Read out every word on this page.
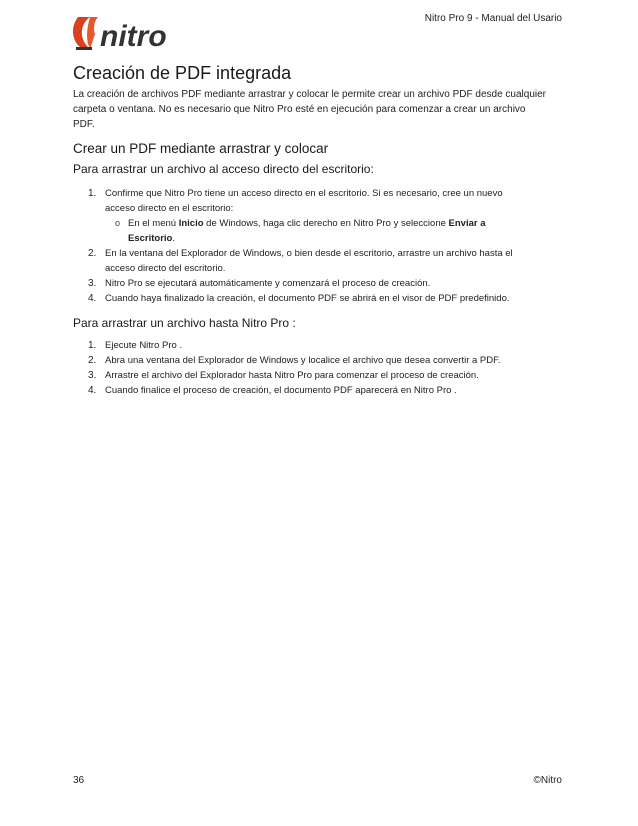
nitro
Nitro Pro 9 - Manual del Usario
Creación de PDF integrada
La creación de archivos PDF mediante arrastrar y colocar le permite crear un archivo PDF desde cualquier
carpeta o ventana. No es necesario que Nitro Pro esté en ejecución para comenzar a crear un archivo
PDF.
Crear un PDF mediante arrastrar y colocar
Para arrastrar un archivo al acceso directo del escritorio:
1. Confirme que Nitro Pro tiene un acceso directo en el escritorio. Si es necesario, cree un nuevo
acceso directo en el escritorio:
o En el menú Inicio de Windows, haga clic derecho en Nitro Pro y seleccione Enviar a
Escritorio.
2. En la ventana del Explorador de Windows, o bien desde el escritorio, arrastre un archivo hasta el
acceso directo del escritorio.
3. Nitro Pro se ejecutará automáticamente y comenzará el proceso de creación.
4. Cuando haya finalizado la creación, el documento PDF se abrirá en el visor de PDF predefinido.
Para arrastrar un archivo hasta Nitro Pro :
1. Ejecute Nitro Pro .
2. Abra una ventana del Explorador de Windows y localice el archivo que desea convertir a PDF.
3. Arrastre el archivo del Explorador hasta Nitro Pro para comenzar el proceso de creación.
4. Cuando finalice el proceso de creación, el documento PDF aparecerá en Nitro Pro .
36	©Nitro
